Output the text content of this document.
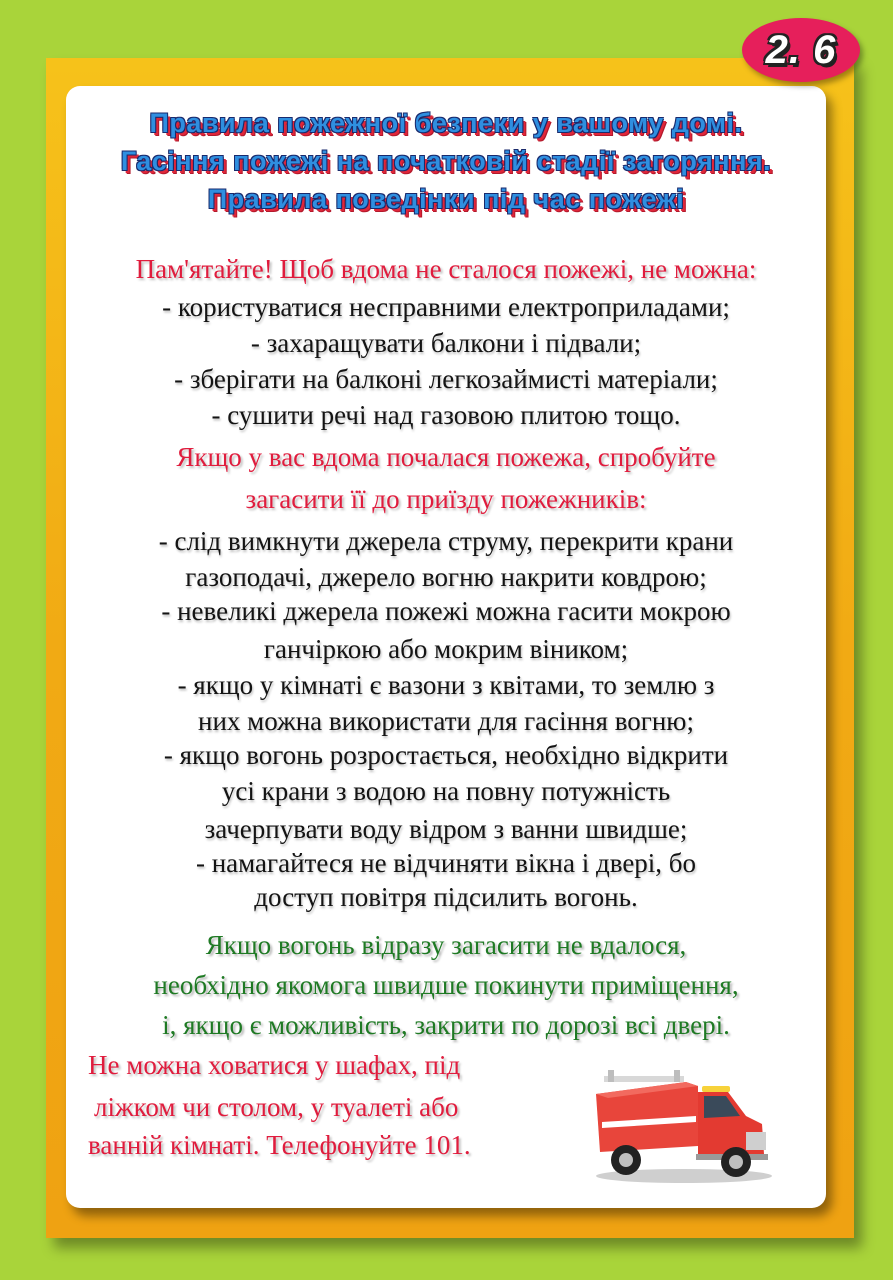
2. 6
Правила пожежної безпеки у вашому домі.
Гасіння пожежі на початковій стадії загоряння.
Правила поведінки під час пожежі
Пам'ятайте! Щоб вдома не сталося пожежі, не можна:
- користуватися несправними електроприладами;
- захаращувати балкони і підвали;
- зберігати на балконі легкозаймисті матеріали;
- сушити речі над газовою плитою тощо.
Якщо у вас вдома почалася пожежа, спробуйте
загасити її до приїзду пожежників:
- слід вимкнути джерела струму, перекрити крани
газоподачі, джерело вогню накрити ковдрою;
- невеликі джерела пожежі можна гасити мокрою
ганчіркою або мокрим віником;
- якщо у кімнаті є вазони з квітами, то землю з
них можна використати для гасіння вогню;
- якщо вогонь розростається, необхідно відкрити
усі крани з водою на повну потужність
зачерпувати воду відром з ванни швидше;
- намагайтеся не відчиняти вікна і двері, бо
доступ повітря підсилить вогонь.
Якщо вогонь відразу загасити не вдалося,
необхідно якомога швидше покинути приміщення,
і, якщо є можливість, закрити по дорозі всі двері.
Не можна ховатися у шафах, під
ліжком чи столом, у туалеті або
ванній кімнаті. Телефонуйте 101.
